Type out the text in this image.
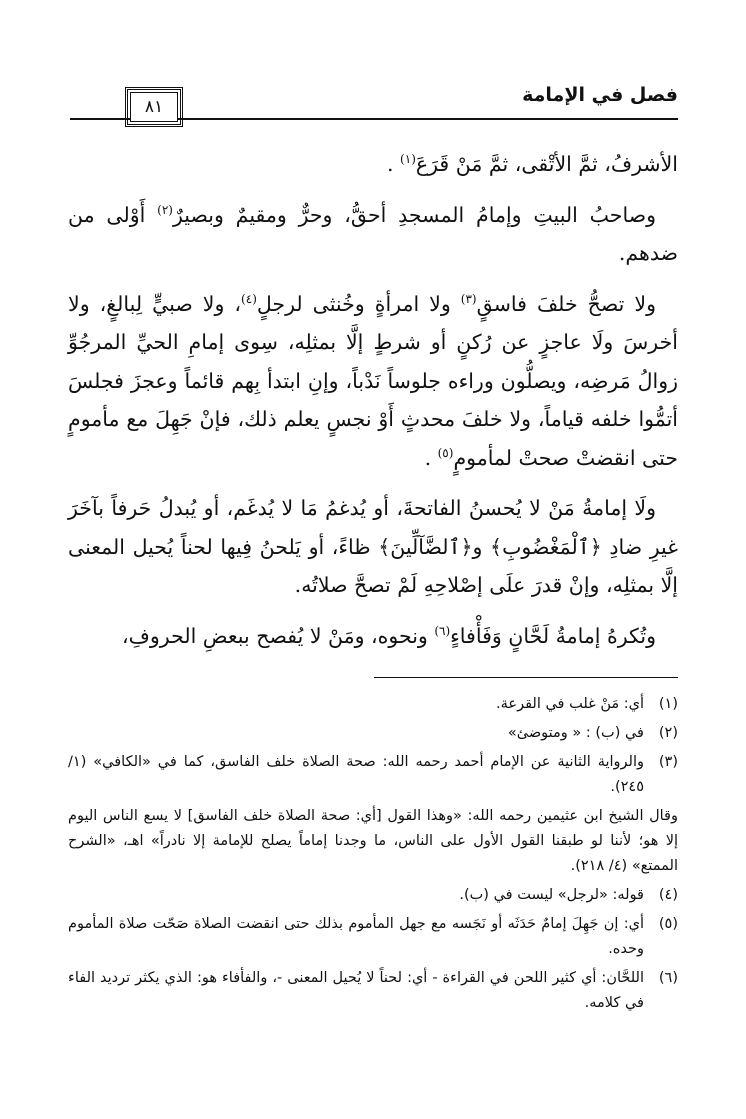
فصل في الإمامة
٨١

الأشرفُ، ثمَّ الأتْقى، ثمَّ مَنْ قَرَعَ$^{(١)}$ .

وصاحبُ البيتِ وإمامُ المسجدِ أحقُّ، وحرٌّ ومقيمٌ وبصيرٌ$^{(٢)}$ أَوْلى من ضدهم.

ولا تصحُّ خلفَ فاسقٍ$^{(٣)}$ ولا امرأةٍ وخُنثى لرجلٍ$^{(٤)}$، ولا صبيٍّ لِبالغٍ، ولا أخرسَ ولَا عاجزٍ عن رُكنٍ أو شرطٍ إلَّا بمثلِه، سِوى إمامِ الحيِّ المرجُوِّ زوالُ مَرضِه، ويصلُّون وراءه جلوساً نَدْباً، وإنِ ابتدأ بِهم قائماً وعجزَ فجلسَ أتمُّوا خلفه قياماً، ولا خلفَ محدثٍ أَوْ نجسٍ يعلم ذلك، فإنْ جَهِلَ مع مأمومٍ حتى انقضتْ صحتْ لمأمومٍ$^{(٥)}$ .

ولَا إمامةُ مَنْ لا يُحسنُ الفاتحةَ، أو يُدغمُ مَا لا يُدغَم، أو يُبدلُ حَرفاً بآخَرَ غيرِ ضادِ ﴿ٱلْمَغْضُوبِ﴾ و﴿ٱلضَّآلِّينَ﴾ ظاءً، أو يَلحنُ فِيها لحناً يُحيل المعنى إلَّا بمثلِه، وإنْ قدرَ علَى إصْلاحِهِ لَمْ تصحَّ صلاتُه.

وتُكرهُ إمامةُ لَحَّانٍ وَفَأْفاءٍ$^{(٦)}$ ونحوه، ومَنْ لا يُفصح ببعضِ الحروفِ،

(١)
أي: مَنْ غلب في القرعة.
(٢)
في (ب) : « ومتوضئ»
(٣)
والرواية الثانية عن الإمام أحمد رحمه الله: صحة الصلاة خلف الفاسق، كما في «الكافي» (١/ ٢٤٥).
وقال الشيخ ابن عثيمين رحمه الله: «وهذا القول [أي: صحة الصلاة خلف الفاسق] لا يسع الناس اليوم إلا هو؛ لأننا لو طبقنا القول الأول على الناس، ما وجدنا إماماً يصلح للإمامة إلا نادراً» اهـ، «الشرح الممتع» (٤/ ٢١٨).
(٤)
قوله: «لرجل» ليست في (ب).
(٥)
أي: إن جَهِلَ إمامٌ حَدَثَه أو نَجَسه مع جهل المأموم بذلك حتى انقضت الصلاة صَحّت صلاة المأموم وحده.
(٦)
اللحَّان: أي كثير اللحن في القراءة - أي: لحناً لا يُحيل المعنى -، والفأفاء هو: الذي يكثر ترديد الفاء في كلامه.
